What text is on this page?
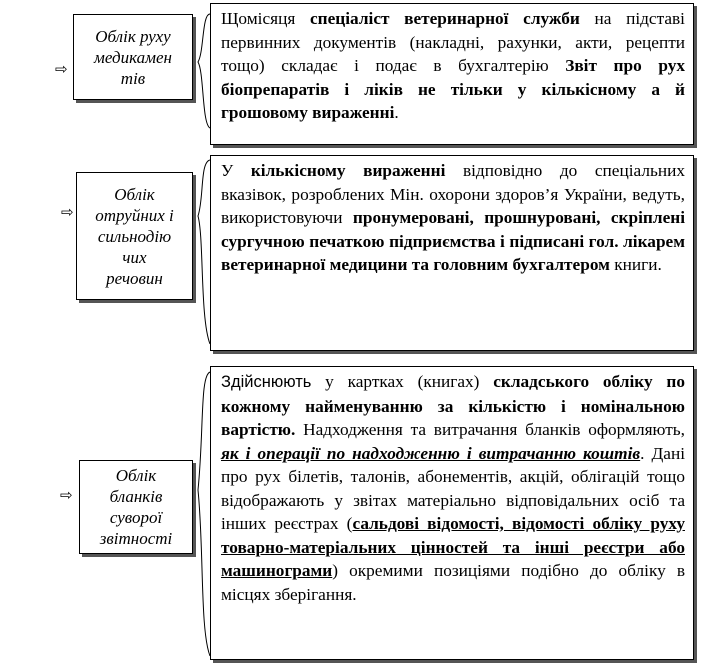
⇨
Облік руху
медикамен
тів
Щомісяця спеціаліст ветеринарної служби на підставі первинних документів (накладні, рахунки, акти, рецепти тощо) складає і подає в бухгалтерію Звіт про рух біопрепаратів і ліків не тільки у кількісному а й грошовому вираженні.
⇨
Облік
отруйних і
сильнодію
чих
речовин
У кількісному вираженні відповідно до спеціальних вказівок, розроблених Мін. охорони здоров’я України, ведуть, використовуючи пронумеровані, прошнуровані, скріплені сургучною печаткою підприємства і підписані гол. лікарем ветеринарної медицини та головним бухгалтером книги.
⇨
Облік
бланків
суворої
звітності
Здійснюють у картках (книгах) складського обліку по кожному найменуванню за кількістю і номінальною вартістю. Надходження та витрачання бланків оформляють, як і операції по надходженню і витрачанню коштів. Дані про рух білетів, талонів, абонементів, акцій, облігацій тощо відображають у звітах матеріально відповідальних осіб та інших реєстрах (сальдові відомості, відомості обліку руху товарно-матеріальних цінностей та інші реєстри або машинограми) окремими позиціями подібно до обліку в місцях зберігання.
